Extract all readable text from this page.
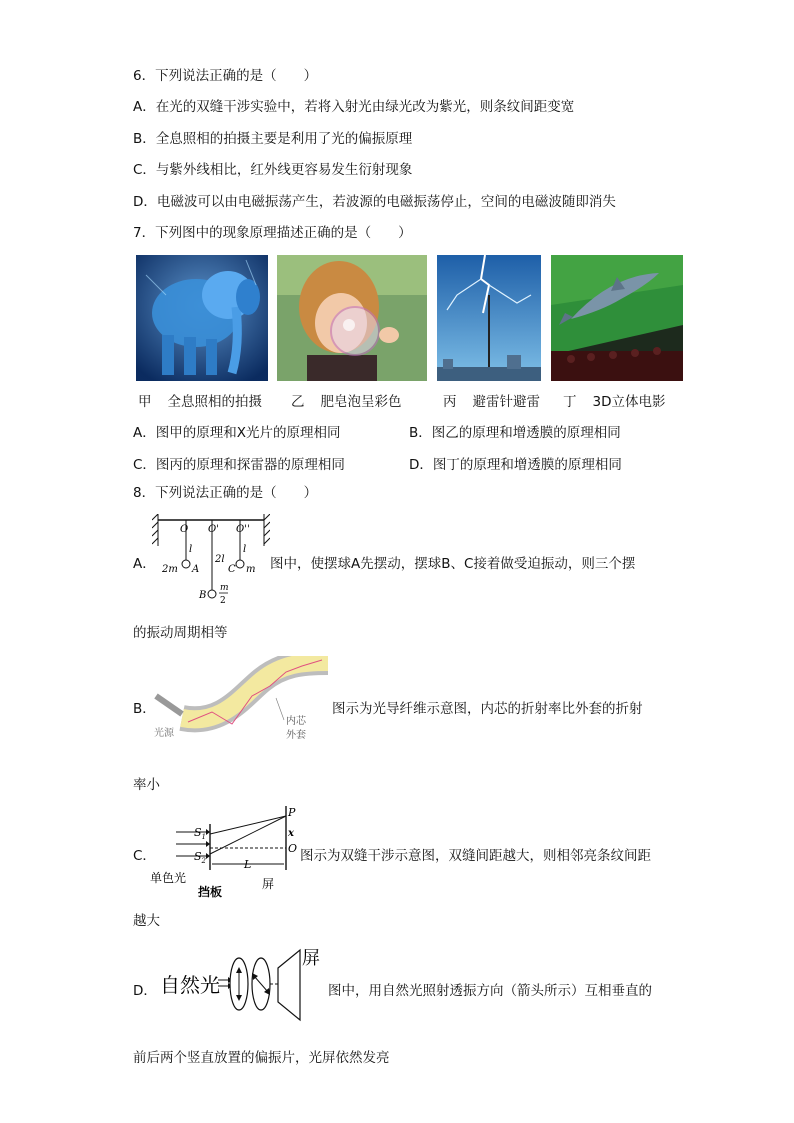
6．下列说法正确的是（　　）
A．在光的双缝干涉实验中，若将入射光由绿光改为紫光，则条纹间距变宽
B．全息照相的拍摄主要是利用了光的偏振原理
C．与紫外线相比，红外线更容易发生衍射现象
D．电磁波可以由电磁振荡产生，若波源的电磁振荡停止，空间的电磁波随即消失
7．下列图中的现象原理描述正确的是（　　）
甲 全息照相的拍摄 乙 肥皂泡呈彩色	丙 避雷针避雷 丁 3D立体电影
A．图甲的原理和X光片的原理相同	B．图乙的原理和增透膜的原理相同
C．图丙的原理和探雷器的原理相同	D．图丁的原理和增透膜的原理相同
8．下列说法正确的是（　　）
A．
O O' O''
l
2l
l
2m A	C m
B
m
2
图中，使摆球A先摆动，摆球B、C接着做受迫振动，则三个摆
的振动周期相等
B．
光源
内芯
外套
图示为光导纤维示意图，内芯的折射率比外套的折射
率小
C．
$S_1$
$S_2$
P
x
O
L
单色光
挡板
屏
图示为双缝干涉示意图，双缝间距越大，则相邻亮条纹间距
越大
D． 自然光
屏
图中，用自然光照射透振方向（箭头所示）互相垂直的
前后两个竖直放置的偏振片，光屏依然发亮
